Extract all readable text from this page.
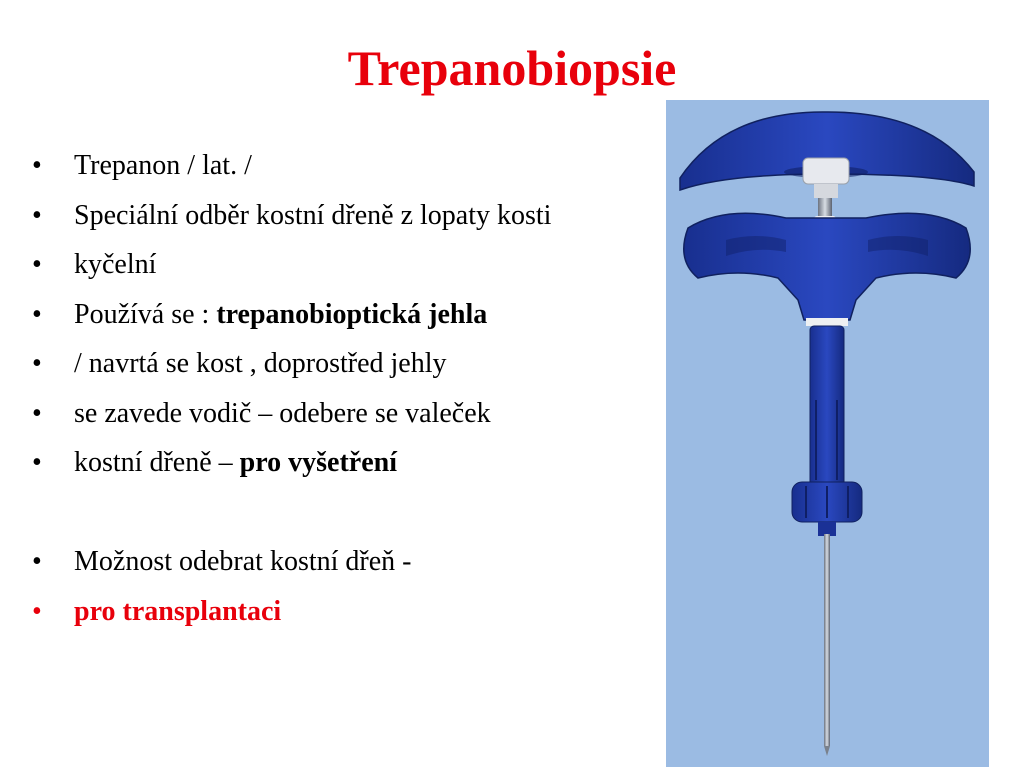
Trepanobiopsie
• Trepanon / lat. /
• Speciální odběr kostní dřeně z lopaty kosti
• kyčelní
• Používá se : trepanobioptická jehla
• / navrtá se kost , doprostřed jehly
• se zavede vodič – odebere se valeček
• kostní dřeně – pro vyšetření
• Možnost odebrat kostní dřeň -
• pro transplantaci
